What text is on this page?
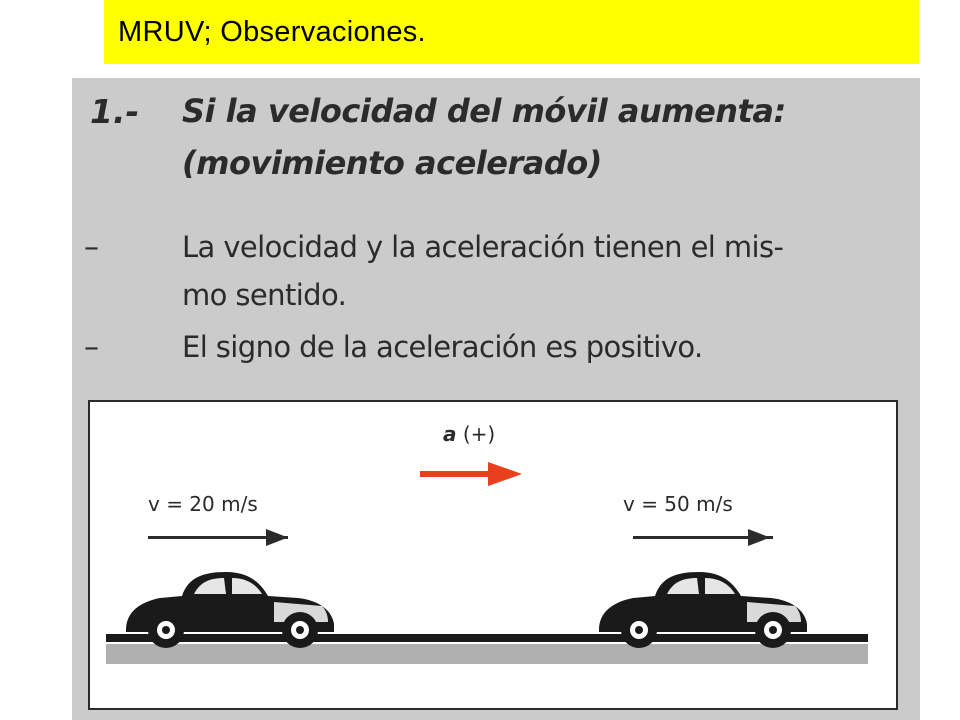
MRUV; Observaciones.
1.- Si la velocidad del móvil aumenta:
(movimiento acelerado)
–	La velocidad y la aceleración tienen el mis-
mo sentido.
–	El signo de la aceleración es positivo.
a (+)
v = 20 m/s	v = 50 m/s
